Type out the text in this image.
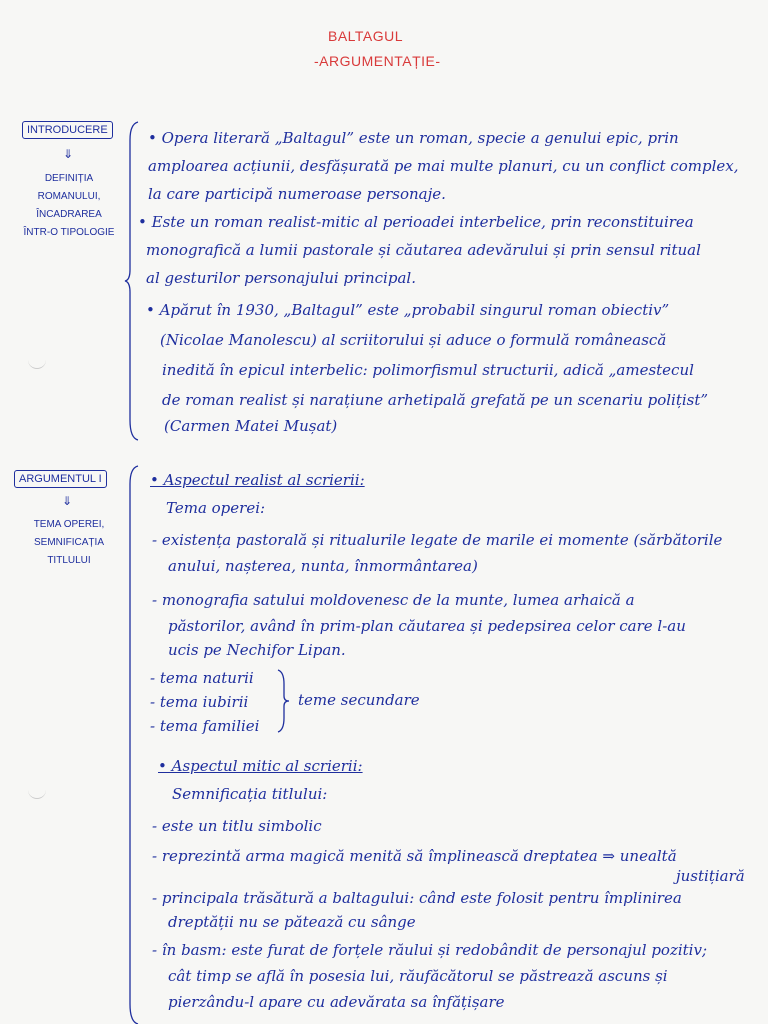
BALTAGUL
-ARGUMENTAȚIE-
INTRODUCERE
⇓
DEFINIȚIA
ROMANULUI,
ÎNCADRAREA
ÎNTR-O TIPOLOGIE
• Opera literară „Baltagul” este un roman, specie a genului epic, prin
amploarea acțiunii, desfășurată pe mai multe planuri, cu un conflict complex,
la care participă numeroase personaje.
• Este un roman realist-mitic al perioadei interbelice, prin reconstituirea
monografică a lumii pastorale și căutarea adevărului și prin sensul ritual
al gesturilor personajului principal.
• Apărut în 1930, „Baltagul” este „probabil singurul roman obiectiv”
(Nicolae Manolescu) al scriitorului și aduce o formulă românească
inedită în epicul interbelic: polimorfismul structurii, adică „amestecul
de roman realist și narațiune arhetipală grefată pe un scenariu polițist”
(Carmen Matei Mușat)
ARGUMENTUL I
⇓
TEMA OPEREI,
SEMNIFICAȚIA
TITLULUI
• Aspectul realist al scrierii:
Tema operei:
- existența pastorală și ritualurile legate de marile ei momente (sărbătorile
anului, nașterea, nunta, înmormântarea)
- monografia satului moldovenesc de la munte, lumea arhaică a
păstorilor, având în prim-plan căutarea și pedepsirea celor care l-au
ucis pe Nechifor Lipan.
- tema naturii
- tema iubirii
- tema familiei
teme secundare
• Aspectul mitic al scrierii:
Semnificația titlului:
- este un titlu simbolic
- reprezintă arma magică menită să împlinească dreptatea ⇒ unealtă
justițiară
- principala trăsătură a baltagului: când este folosit pentru împlinirea
dreptății nu se pătează cu sânge
- în basm: este furat de forțele răului și redobândit de personajul pozitiv;
cât timp se află în posesia lui, răufăcătorul se păstrează ascuns și
pierzându-l apare cu adevărata sa înfățișare
